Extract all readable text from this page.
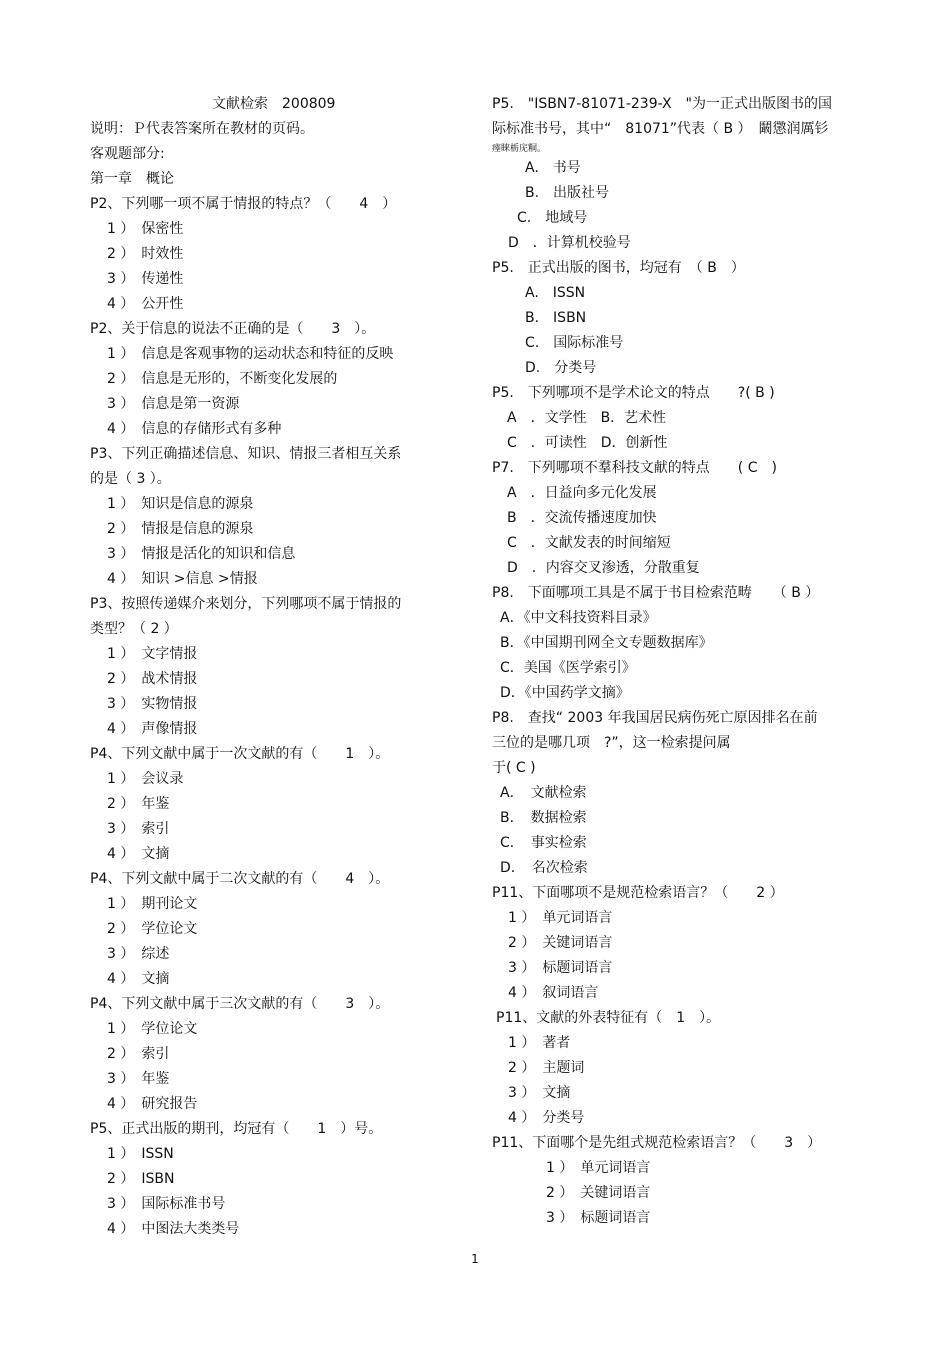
文献检索　200809
说明：Ｐ代表答案所在教材的页码。
客观题部分:
第一章　概论
P2、下列哪一项不属于情报的特点？（　　4　）
1 ）　保密性
2 ）　时效性
3 ）　传递性
4 ）　公开性
P2、关于信息的说法不正确的是（　　3　）。
1 ）　信息是客观事物的运动状态和特征的反映
2 ）　信息是无形的，不断变化发展的
3 ）　信息是第一资源
4 ）　信息的存储形式有多种
P3、下列正确描述信息、知识、情报三者相互关系
的是（ 3 ）。
1 ）　知识是信息的源泉
2 ）　情报是信息的源泉
3 ）　情报是活化的知识和信息
4 ）　知识 >信息 >情报
P3、按照传递媒介来划分，下列哪项不属于情报的
类型？（ 2 ）
1 ）　文字情报
2 ）　战术情报
3 ）　实物情报
4 ）　声像情报
P4、下列文献中属于一次文献的有（　　1　）。
1 ）　会议录
2 ）　年鉴
3 ）　索引
4 ）　文摘
P4、下列文献中属于二次文献的有（　　4　）。
1 ）　期刊论文
2 ）　学位论文
3 ）　综述
4 ）　文摘
P4、下列文献中属于三次文献的有（　　3　）。
1 ）　学位论文
2 ）　索引
3 ）　年鉴
4 ）　研究报告
P5、正式出版的期刊，均冠有（　　1　）号。
1 ）　ISSN
2 ）　ISBN
3 ）　国际标准书号
4 ）　中图法大类类号
P5.　"ISBN7-81071-239-X　"为一正式出版图书的国
际标准书号，其中“　81071”代表（ B ）　鬫懲润厲钐
瘗睞栃庑粡。
A.　书号
B.　出版社号
C.　地域号
D　．计算机校验号
P5.　正式出版的图书，均冠有　（ B　）
A.　ISSN
B.　ISBN
C.　国际标准号
D.　分类号
P5.　下列哪项不是学术论文的特点　　?( B )
A　．文学性　B．艺术性
C　．可读性　D．创新性
P7.　下列哪项不羣科技文献的特点　　( C　)
A　．日益向多元化发展
B　．交流传播速度加快
C　．文献发表的时间缩短
D　．内容交叉渗透，分散重复
P8.　下面哪项工具是不属于书目检索范畴　　（ B ）
A．《中文科技资料目录》
B．《中国期刊网全文专题数据库》
C．美国《医学索引》
D．《中国药学文摘》
P8.　查找“ 2003 年我国居民病伤死亡原因排名在前
三位的是哪几项　?”，这一检索提问属
于( C )
A．　文献检索
B．　数据检索
C．　事实检索
D．　名次检索
P11、下面哪项不是规范检索语言？（　　2 ）
1 ）　单元词语言
2 ）　关键词语言
3 ）　标题词语言
4 ）　叙词语言
P11、文献的外表特征有（　1　）。
1 ）　著者
2 ）　主题词
3 ）　文摘
4 ）　分类号
P11、下面哪个是先组式规范检索语言？（　　3　）
1 ）　单元词语言
2 ）　关键词语言
3 ）　标题词语言
1
